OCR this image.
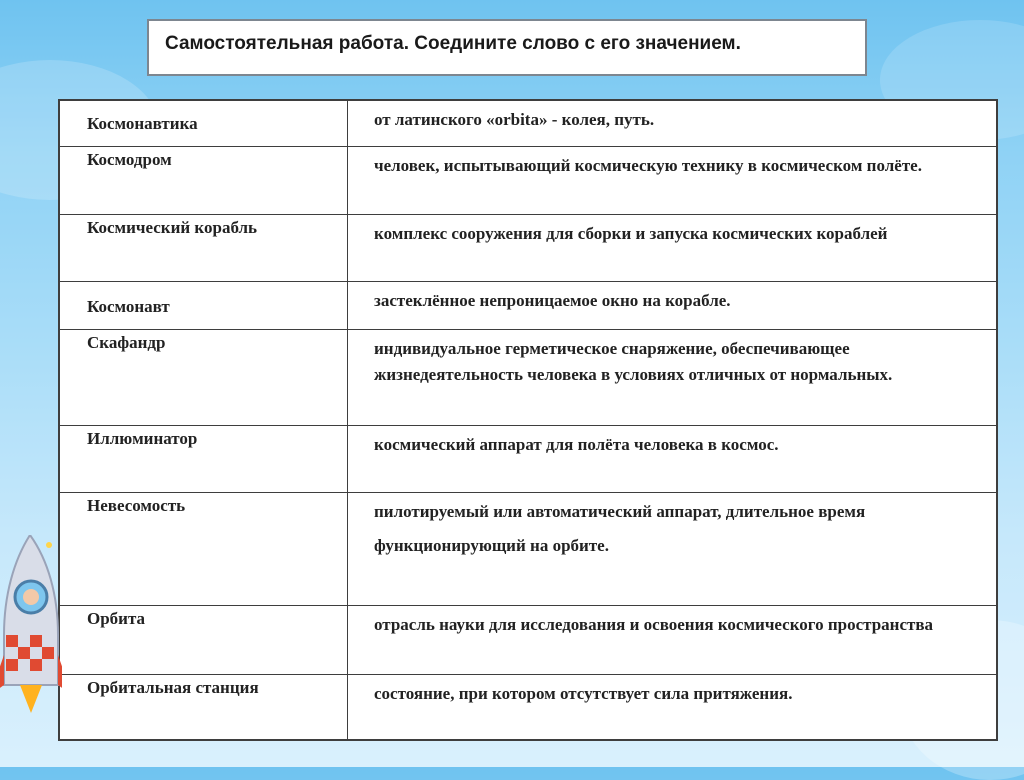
Самостоятельная работа. Соедините слово с его значением.
Космонавтика	от латинского «orbita» - колея, путь.
Космодром	человек, испытывающий космическую технику в космическом полёте.
Космический корабль	комплекс сооружения для сборки и запуска космических кораблей
Космонавт	застеклённое непроницаемое окно на корабле.
Скафандр	индивидуальное герметическое снаряжение, обеспечивающее жизнедеятельность человека в условиях отличных от нормальных.
Иллюминатор	космический аппарат для полёта человека в космос.
Невесомость	пилотируемый или автоматический аппарат, длительное время
функционирующий на орбите.

Орбита	отрасль науки для исследования и освоения космического пространства
Орбитальная станция	состояние, при котором отсутствует сила притяжения.
